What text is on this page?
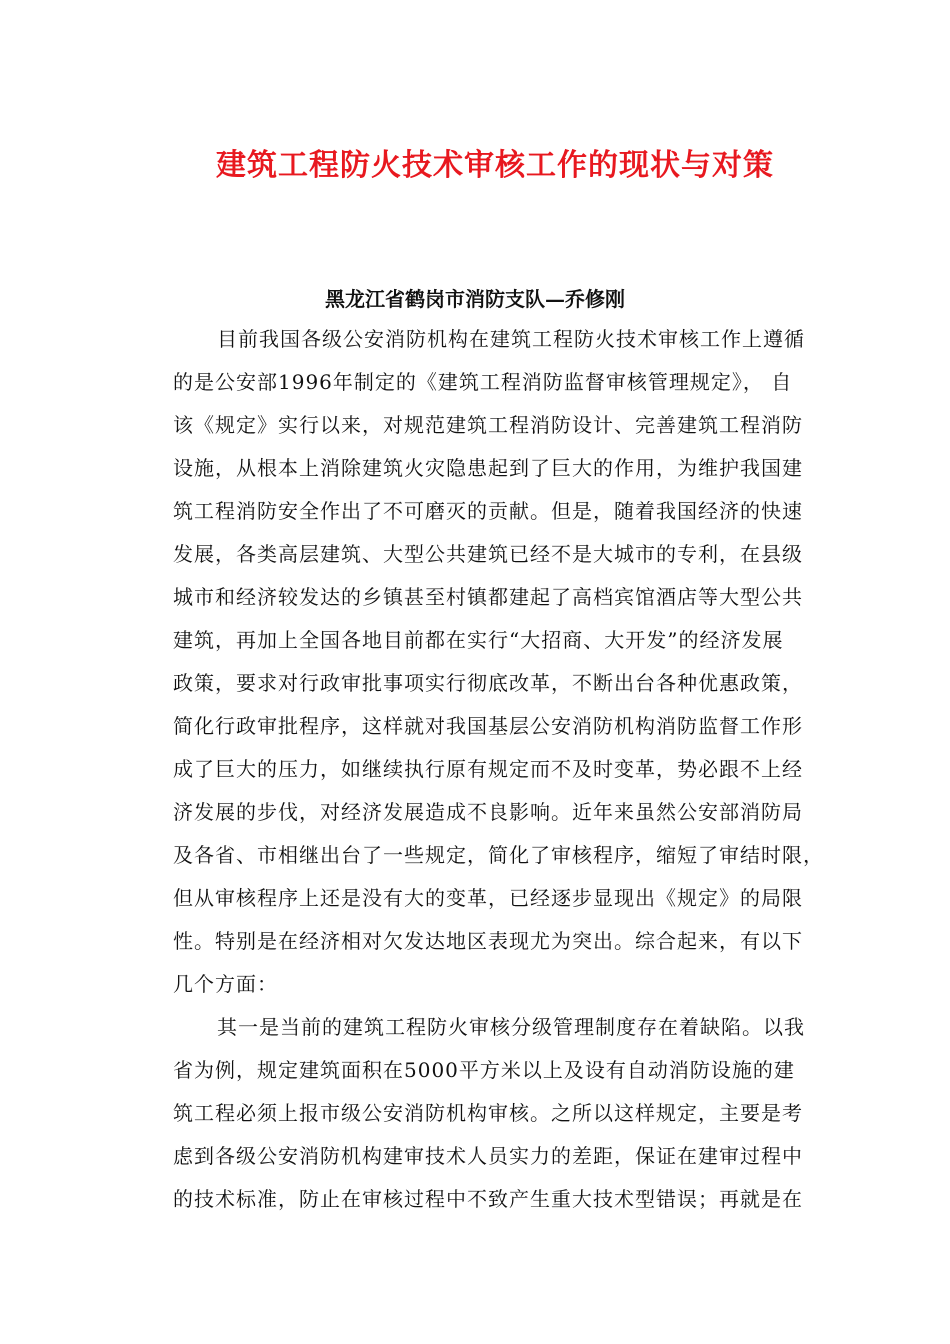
建筑工程防火技术审核工作的现状与对策
黑龙江省鹤岗市消防支队—乔修刚
目前我国各级公安消防机构在建筑工程防火技术审核工作上遵循
的是公安部1996年制定的《建筑工程消防监督审核管理规定》， 自
该《规定》实行以来，对规范建筑工程消防设计、完善建筑工程消防
设施，从根本上消除建筑火灾隐患起到了巨大的作用，为维护我国建
筑工程消防安全作出了不可磨灭的贡献。但是，随着我国经济的快速
发展，各类高层建筑、大型公共建筑已经不是大城市的专利，在县级
城市和经济较发达的乡镇甚至村镇都建起了高档宾馆酒店等大型公共
建筑，再加上全国各地目前都在实行“大招商、大开发”的经济发展
政策，要求对行政审批事项实行彻底改革，不断出台各种优惠政策，
简化行政审批程序，这样就对我国基层公安消防机构消防监督工作形
成了巨大的压力，如继续执行原有规定而不及时变革，势必跟不上经
济发展的步伐，对经济发展造成不良影响。近年来虽然公安部消防局
及各省、市相继出台了一些规定，简化了审核程序，缩短了审结时限，
但从审核程序上还是没有大的变革，已经逐步显现出《规定》的局限
性。特别是在经济相对欠发达地区表现尤为突出。综合起来，有以下
几个方面：
其一是当前的建筑工程防火审核分级管理制度存在着缺陷。以我
省为例，规定建筑面积在5000平方米以上及设有自动消防设施的建
筑工程必须上报市级公安消防机构审核。之所以这样规定，主要是考
虑到各级公安消防机构建审技术人员实力的差距，保证在建审过程中
的技术标准，防止在审核过程中不致产生重大技术型错误；再就是在
